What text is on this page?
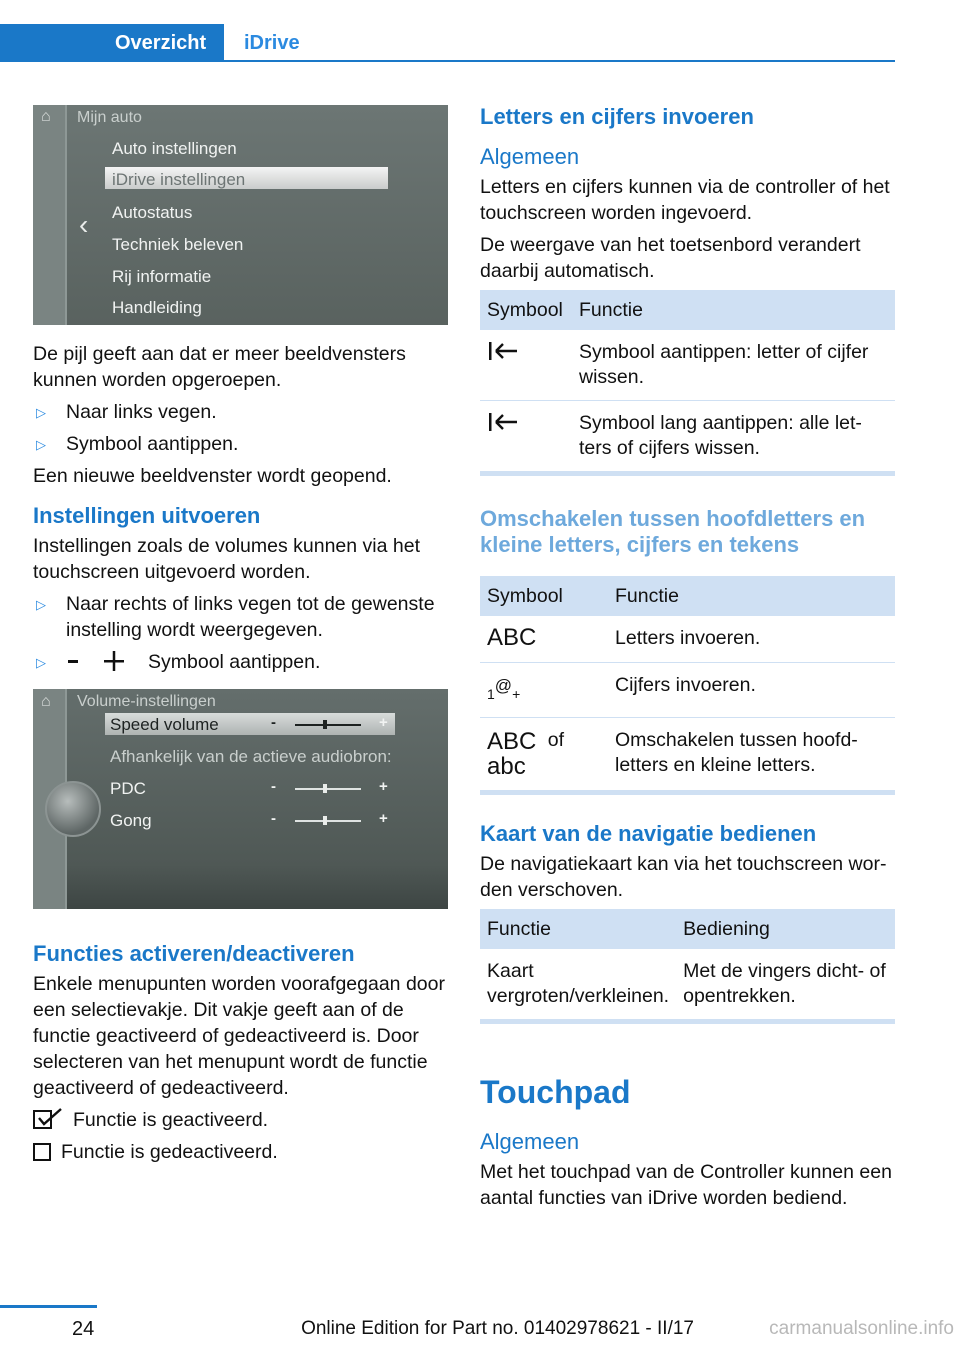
Overzicht	iDrive
⌂ Mijn auto
Auto instellingen
iDrive instellingen
Autostatus
Techniek beleven
Rij informatie
Handleiding
‹

De pijl geeft aan dat er meer beeldvensters kunnen worden opgeroepen.

▷ Naar links vegen.
▷ Symbool aantippen.

Een nieuwe beeldvenster wordt geopend.

Instellingen uitvoeren

Instellingen zoals de volumes kunnen via het touchscreen uitgevoerd worden.

▷ Naar rechts of links vegen tot de gewenste instelling wordt weergegeven.
▷	Symbool aantippen.
⌂ Volume-instellingen
Speed volume
Afhankelijk van de actieve audiobron:
PDC
Gong
-	+
-	+
-	+
Functies activeren/deactiveren

Enkele menupunten worden voorafgegaan door een selectievakje. Dit vakje geeft aan of de functie geactiveerd of gedeactiveerd is. Door selecteren van het menupunt wordt de functie geactiveerd of gedeactiveerd.

Functie is geactiveerd.
Functie is gedeactiveerd.
Letters en cijfers invoeren
Algemeen

Letters en cijfers kunnen via de controller of het touchscreen worden ingevoerd.

De weergave van het toetsenbord verandert daarbij automatisch.

Symbool	Functie
	Symbool aantippen: letter of cijfer wissen.
	Symbool lang aantippen: alle let‐ters of cijfers wissen.
Omschakelen tussen hoofdletters en kleine letters, cijfers en tekens
Symbool	Functie
ABC	Letters invoeren.
1@+	Cijfers invoeren.
ABC of
abc	Omschakelen tussen hoofd‐letters en kleine letters.
Kaart van de navigatie bedienen

De navigatiekaart kan via het touchscreen wor‐den verschoven.

Functie	Bediening
Kaart vergroten/verkleinen.	Met de vingers dicht- of opentrekken.
Touchpad
Algemeen

Met het touchpad van de Controller kunnen een aantal functies van iDrive worden bediend.

24	Online Edition for Part no. 01402978621 - II/17	carmanualsonline.info
